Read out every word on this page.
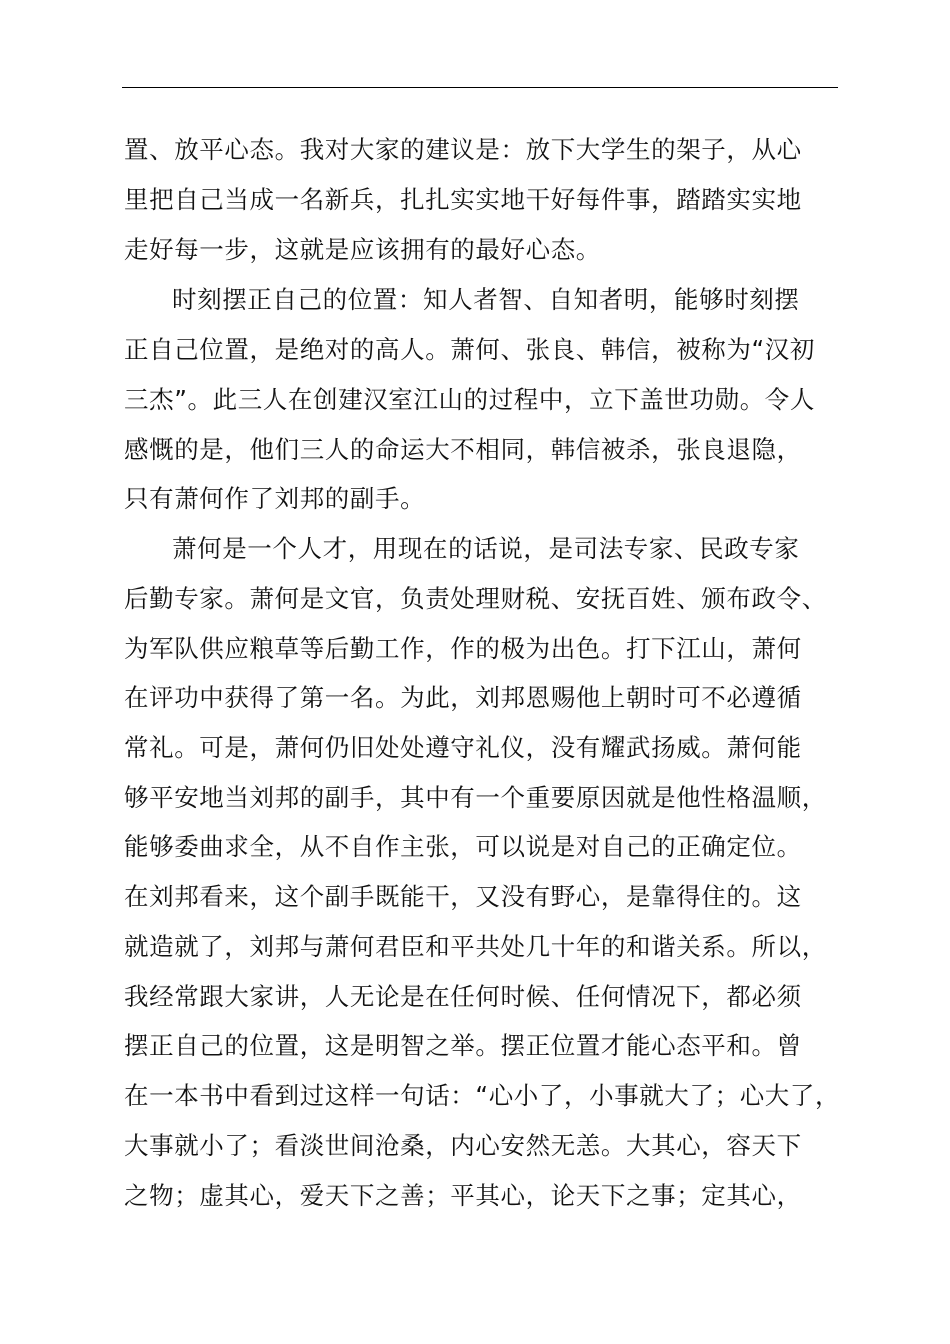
置、放平心态。我对大家的建议是：放下大学生的架子，从心
里把自己当成一名新兵，扎扎实实地干好每件事，踏踏实实地
走好每一步，这就是应该拥有的最好心态。
时刻摆正自己的位置：知人者智、自知者明，能够时刻摆
正自己位置，是绝对的高人。萧何、张良、韩信，被称为“汉初
三杰”。此三人在创建汉室江山的过程中，立下盖世功勋。令人
感慨的是，他们三人的命运大不相同，韩信被杀，张良退隐，
只有萧何作了刘邦的副手。
萧何是一个人才，用现在的话说，是司法专家、民政专家
后勤专家。萧何是文官，负责处理财税、安抚百姓、颁布政令、
为军队供应粮草等后勤工作，作的极为出色。打下江山，萧何
在评功中获得了第一名。为此，刘邦恩赐他上朝时可不必遵循
常礼。可是，萧何仍旧处处遵守礼仪，没有耀武扬威。萧何能
够平安地当刘邦的副手，其中有一个重要原因就是他性格温顺，
能够委曲求全，从不自作主张，可以说是对自己的正确定位。
在刘邦看来，这个副手既能干，又没有野心，是靠得住的。这
就造就了，刘邦与萧何君臣和平共处几十年的和谐关系。所以，
我经常跟大家讲，人无论是在任何时候、任何情况下，都必须
摆正自己的位置，这是明智之举。摆正位置才能心态平和。曾
在一本书中看到过这样一句话：“心小了，小事就大了；心大了，
大事就小了；看淡世间沧桑，内心安然无恙。大其心，容天下
之物；虚其心，爱天下之善；平其心，论天下之事；定其心，
